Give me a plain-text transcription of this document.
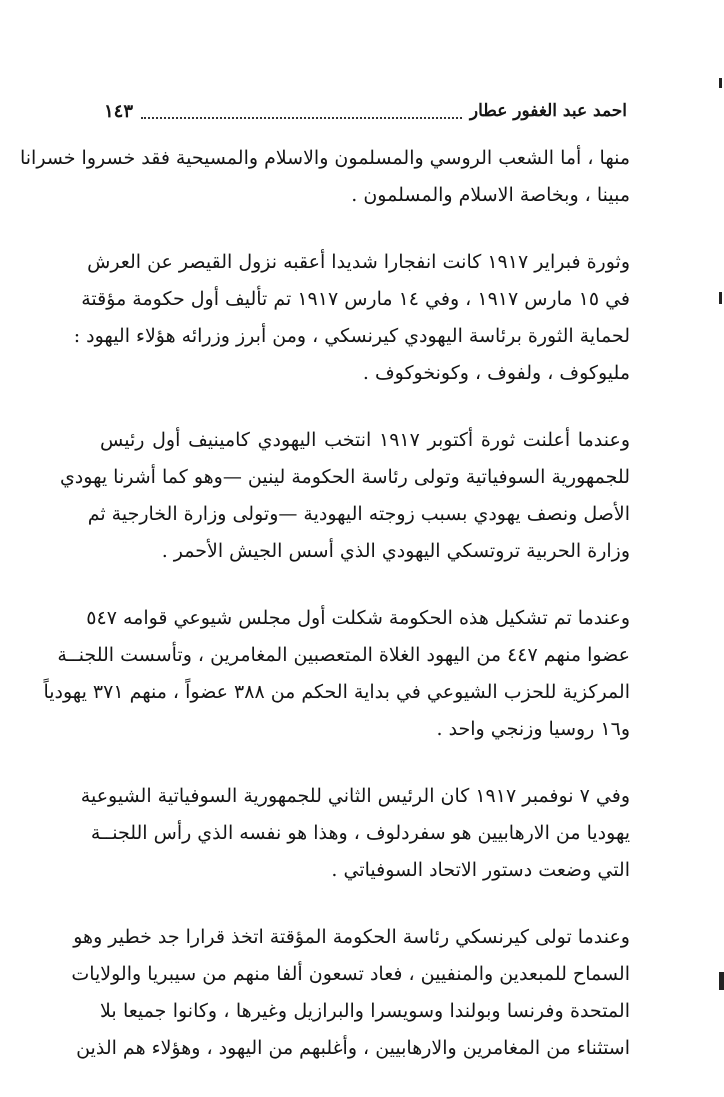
احمد عبد الغفور عطار
١٤٣
منها ، أما الشعب الروسي والمسلمون والاسلام والمسيحية فقد خسروا خسرانا
مبينا ، وبخاصة الاسلام والمسلمون .
وثورة فبراير ١٩١٧ كانت انفجارا شديدا أعقبه نزول القيصر عن العرش
في ١٥ مارس ١٩١٧ ، وفي ١٤ مارس ١٩١٧ تم تأليف أول حكومة مؤقتة
لحماية الثورة برئاسة اليهودي كيرنسكي ، ومن أبرز وزرائه هؤلاء اليهود :
مليوكوف ، ولفوف ، وكونخوكوف .
وعندما أعلنت ثورة أكتوبر ١٩١٧ انتخب اليهودي كامينيف أول رئيس
للجمهورية السوفياتية وتولى رئاسة الحكومة لينين —وهو كما أشرنا يهودي
الأصل ونصف يهودي بسبب زوجته اليهودية —وتولى وزارة الخارجية ثم
وزارة الحربية تروتسكي اليهودي الذي أسس الجيش الأحمر .
وعندما تم تشكيل هذه الحكومة شكلت أول مجلس شيوعي قوامه ٥٤٧
عضوا منهم ٤٤٧ من اليهود الغلاة المتعصبين المغامرين ، وتأسست اللجنــة
المركزية للحزب الشيوعي في بداية الحكم من ٣٨٨ عضواً ، منهم ٣٧١ يهودياً
و١٦ روسيا وزنجي واحد .
وفي ٧ نوفمبر ١٩١٧ كان الرئيس الثاني للجمهورية السوفياتية الشيوعية
يهوديا من الارهابيين هو سفردلوف ، وهذا هو نفسه الذي رأس اللجنــة
التي وضعت دستور الاتحاد السوفياتي .
وعندما تولى كيرنسكي رئاسة الحكومة المؤقتة اتخذ قرارا جد خطير وهو
السماح للمبعدين والمنفيين ، فعاد تسعون ألفا منهم من سيبريا والولايات
المتحدة وفرنسا وبولندا وسويسرا والبرازيل وغيرها ، وكانوا جميعا بلا
استثناء من المغامرين والارهابيين ، وأغلبهم من اليهود ، وهؤلاء هم الذين
